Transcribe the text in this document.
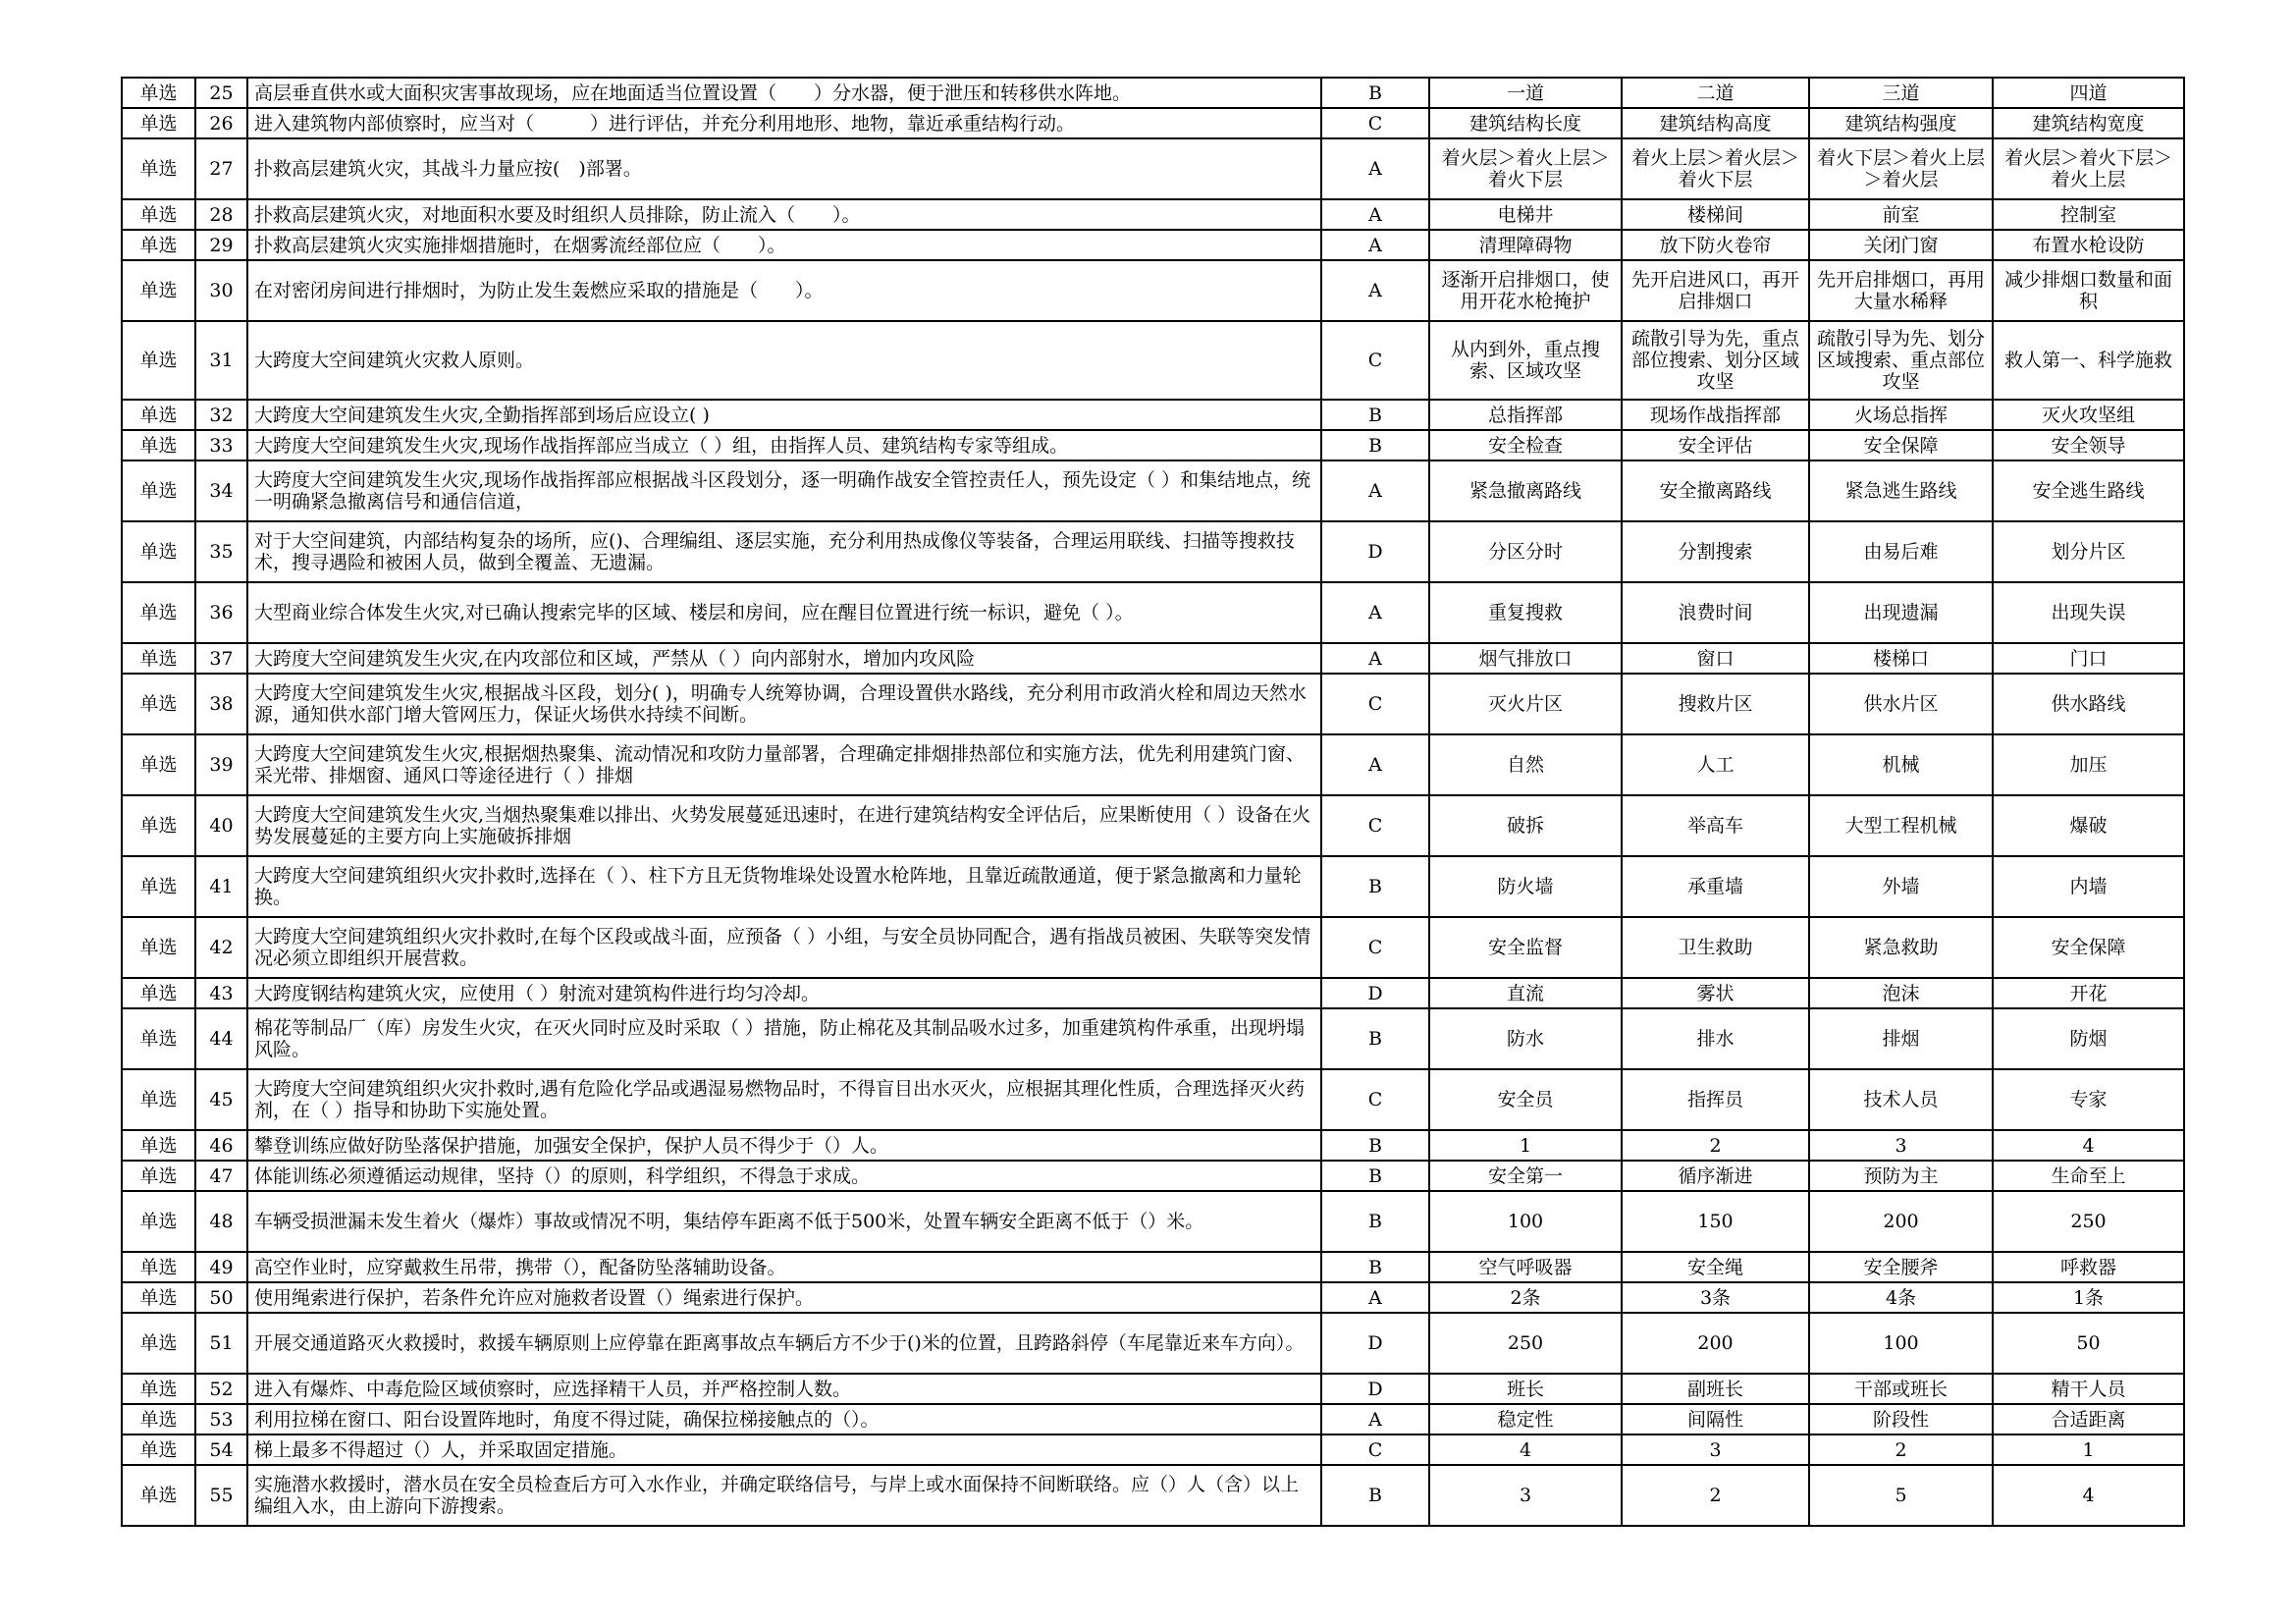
单选	25	高层垂直供水或大面积灾害事故现场，应在地面适当位置设置（　　）分水器，便于泄压和转移供水阵地。	B	一道	二道	三道	四道
单选	26	进入建筑物内部侦察时，应当对（　　　）进行评估，并充分利用地形、地物，靠近承重结构行动。	C	建筑结构长度	建筑结构高度	建筑结构强度	建筑结构宽度
单选	27	扑救高层建筑火灾，其战斗力量应按(　)部署。	A	着火层＞着火上层＞着火下层	着火上层＞着火层＞着火下层	着火下层＞着火上层＞着火层	着火层＞着火下层＞着火上层
单选	28	扑救高层建筑火灾，对地面积水要及时组织人员排除，防止流入（　　）。	A	电梯井	楼梯间	前室	控制室
单选	29	扑救高层建筑火灾实施排烟措施时，在烟雾流经部位应（　　）。	A	清理障碍物	放下防火卷帘	关闭门窗	布置水枪设防
单选	30	在对密闭房间进行排烟时，为防止发生轰燃应采取的措施是（　　）。	A	逐渐开启排烟口，使用开花水枪掩护	先开启进风口，再开启排烟口	先开启排烟口，再用大量水稀释	减少排烟口数量和面积
单选	31	大跨度大空间建筑火灾救人原则。	C	从内到外，重点搜索、区域攻坚	疏散引导为先，重点部位搜索、划分区域攻坚	疏散引导为先、划分区域搜索、重点部位攻坚	救人第一、科学施救
单选	32	大跨度大空间建筑发生火灾,全勤指挥部到场后应设立( )	B	总指挥部	现场作战指挥部	火场总指挥	灭火攻坚组
单选	33	大跨度大空间建筑发生火灾,现场作战指挥部应当成立（ ）组，由指挥人员、建筑结构专家等组成。	B	安全检查	安全评估	安全保障	安全领导
单选	34	大跨度大空间建筑发生火灾,现场作战指挥部应根据战斗区段划分，逐一明确作战安全管控责任人，预先设定（ ）和集结地点，统一明确紧急撤离信号和通信信道，	A	紧急撤离路线	安全撤离路线	紧急逃生路线	安全逃生路线
单选	35	对于大空间建筑，内部结构复杂的场所，应()、合理编组、逐层实施，充分利用热成像仪等装备，合理运用联线、扫描等搜救技术，搜寻遇险和被困人员，做到全覆盖、无遗漏。	D	分区分时	分割搜索	由易后难	划分片区
单选	36	大型商业综合体发生火灾,对已确认搜索完毕的区域、楼层和房间，应在醒目位置进行统一标识，避免（ ）。	A	重复搜救	浪费时间	出现遗漏	出现失误
单选	37	大跨度大空间建筑发生火灾,在内攻部位和区域，严禁从（ ）向内部射水，增加内攻风险	A	烟气排放口	窗口	楼梯口	门口
单选	38	大跨度大空间建筑发生火灾,根据战斗区段，划分( )，明确专人统筹协调，合理设置供水路线，充分利用市政消火栓和周边天然水源，通知供水部门增大管网压力，保证火场供水持续不间断。	C	灭火片区	搜救片区	供水片区	供水路线
单选	39	大跨度大空间建筑发生火灾,根据烟热聚集、流动情况和攻防力量部署，合理确定排烟排热部位和实施方法，优先利用建筑门窗、采光带、排烟窗、通风口等途径进行（ ）排烟	A	自然	人工	机械	加压
单选	40	大跨度大空间建筑发生火灾,当烟热聚集难以排出、火势发展蔓延迅速时，在进行建筑结构安全评估后，应果断使用（ ）设备在火势发展蔓延的主要方向上实施破拆排烟	C	破拆	举高车	大型工程机械	爆破
单选	41	大跨度大空间建筑组织火灾扑救时,选择在（ ）、柱下方且无货物堆垛处设置水枪阵地，且靠近疏散通道，便于紧急撤离和力量轮换。	B	防火墙	承重墙	外墙	内墙
单选	42	大跨度大空间建筑组织火灾扑救时,在每个区段或战斗面，应预备（ ）小组，与安全员协同配合，遇有指战员被困、失联等突发情况必须立即组织开展营救。	C	安全监督	卫生救助	紧急救助	安全保障
单选	43	大跨度钢结构建筑火灾，应使用（ ）射流对建筑构件进行均匀冷却。	D	直流	雾状	泡沫	开花
单选	44	棉花等制品厂（库）房发生火灾，在灭火同时应及时采取（ ）措施，防止棉花及其制品吸水过多，加重建筑构件承重，出现坍塌风险。	B	防水	排水	排烟	防烟
单选	45	大跨度大空间建筑组织火灾扑救时,遇有危险化学品或遇湿易燃物品时，不得盲目出水灭火，应根据其理化性质，合理选择灭火药剂，在（ ）指导和协助下实施处置。	C	安全员	指挥员	技术人员	专家
单选	46	攀登训练应做好防坠落保护措施，加强安全保护，保护人员不得少于（）人。	B	1	2	3	4
单选	47	体能训练必须遵循运动规律，坚持（）的原则，科学组织，不得急于求成。	B	安全第一	循序渐进	预防为主	生命至上
单选	48	车辆受损泄漏未发生着火（爆炸）事故或情况不明，集结停车距离不低于500米，处置车辆安全距离不低于（）米。	B	100	150	200	250
单选	49	高空作业时，应穿戴救生吊带，携带（），配备防坠落辅助设备。	B	空气呼吸器	安全绳	安全腰斧	呼救器
单选	50	使用绳索进行保护，若条件允许应对施救者设置（）绳索进行保护。	A	2条	3条	4条	1条
单选	51	开展交通道路灭火救援时，救援车辆原则上应停靠在距离事故点车辆后方不少于()米的位置，且跨路斜停（车尾靠近来车方向）。	D	250	200	100	50
单选	52	进入有爆炸、中毒危险区域侦察时，应选择精干人员，并严格控制人数。	D	班长	副班长	干部或班长	精干人员
单选	53	利用拉梯在窗口、阳台设置阵地时，角度不得过陡，确保拉梯接触点的（）。	A	稳定性	间隔性	阶段性	合适距离
单选	54	梯上最多不得超过（）人，并采取固定措施。	C	4	3	2	1
单选	55	实施潜水救援时，潜水员在安全员检查后方可入水作业，并确定联络信号，与岸上或水面保持不间断联络。应（）人（含）以上编组入水，由上游向下游搜索。	B	3	2	5	4
